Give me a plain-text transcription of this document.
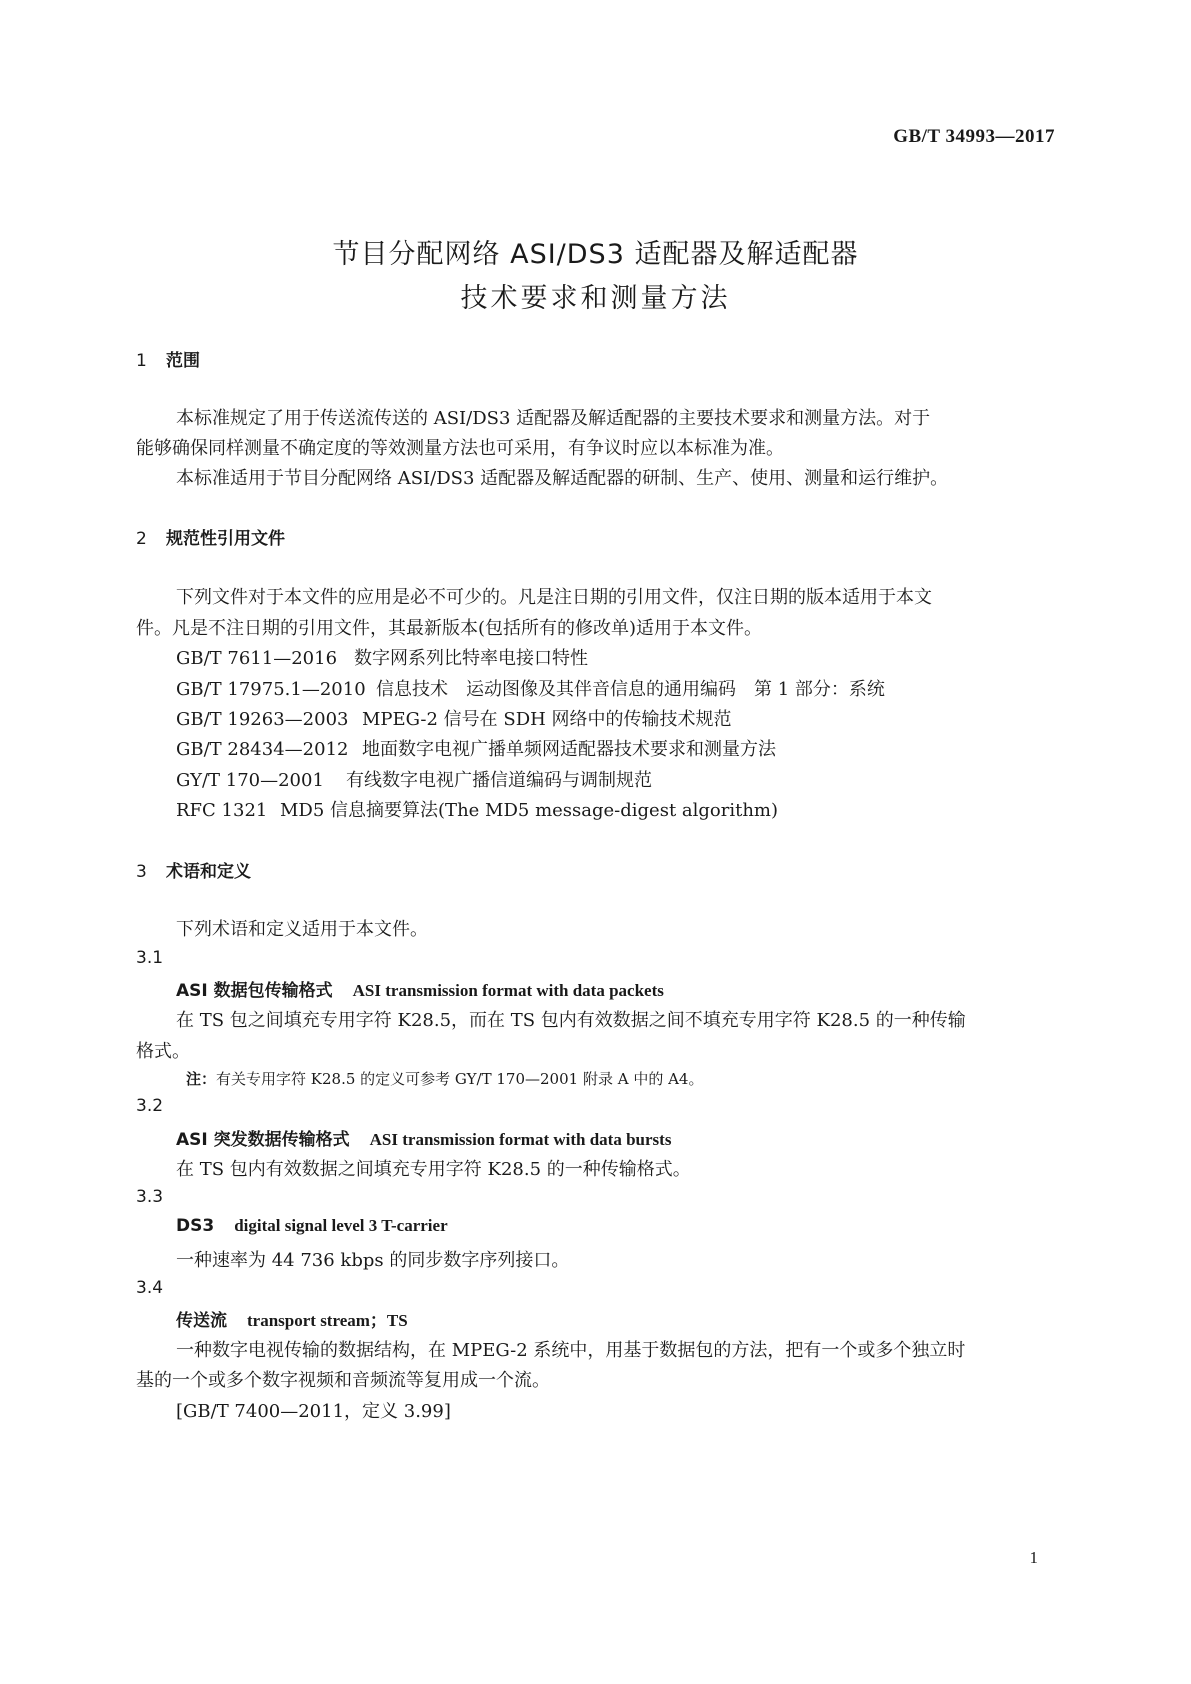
GB/T 34993—2017
节目分配网络 ASI/DS3 适配器及解适配器
技术要求和测量方法
1 范围
本标准规定了用于传送流传送的 ASI/DS3 适配器及解适配器的主要技术要求和测量方法。对于
能够确保同样测量不确定度的等效测量方法也可采用，有争议时应以本标准为准。
本标准适用于节目分配网络 ASI/DS3 适配器及解适配器的研制、生产、使用、测量和运行维护。
2 规范性引用文件
下列文件对于本文件的应用是必不可少的。凡是注日期的引用文件，仅注日期的版本适用于本文
件。凡是不注日期的引用文件，其最新版本(包括所有的修改单)适用于本文件。
GB/T 7611—2016 数字网系列比特率电接口特性
GB/T 17975.1—2010 信息技术　运动图像及其伴音信息的通用编码　第 1 部分：系统
GB/T 19263—2003 MPEG-2 信号在 SDH 网络中的传输技术规范
GB/T 28434—2012 地面数字电视广播单频网适配器技术要求和测量方法
GY/T 170—2001 有线数字电视广播信道编码与调制规范
RFC 1321 MD5 信息摘要算法(The MD5 message-digest algorithm)
3 术语和定义
下列术语和定义适用于本文件。
3.1
ASI 数据包传输格式 ASI transmission format with data packets
在 TS 包之间填充专用字符 K28.5，而在 TS 包内有效数据之间不填充专用字符 K28.5 的一种传输
格式。
注：有关专用字符 K28.5 的定义可参考 GY/T 170—2001 附录 A 中的 A4。
3.2
ASI 突发数据传输格式 ASI transmission format with data bursts
在 TS 包内有效数据之间填充专用字符 K28.5 的一种传输格式。
3.3
DS3 digital signal level 3 T-carrier
一种速率为 44 736 kbps 的同步数字序列接口。
3.4
传送流 transport stream；TS
一种数字电视传输的数据结构，在 MPEG-2 系统中，用基于数据包的方法，把有一个或多个独立时
基的一个或多个数字视频和音频流等复用成一个流。
[GB/T 7400—2011，定义 3.99]
1
